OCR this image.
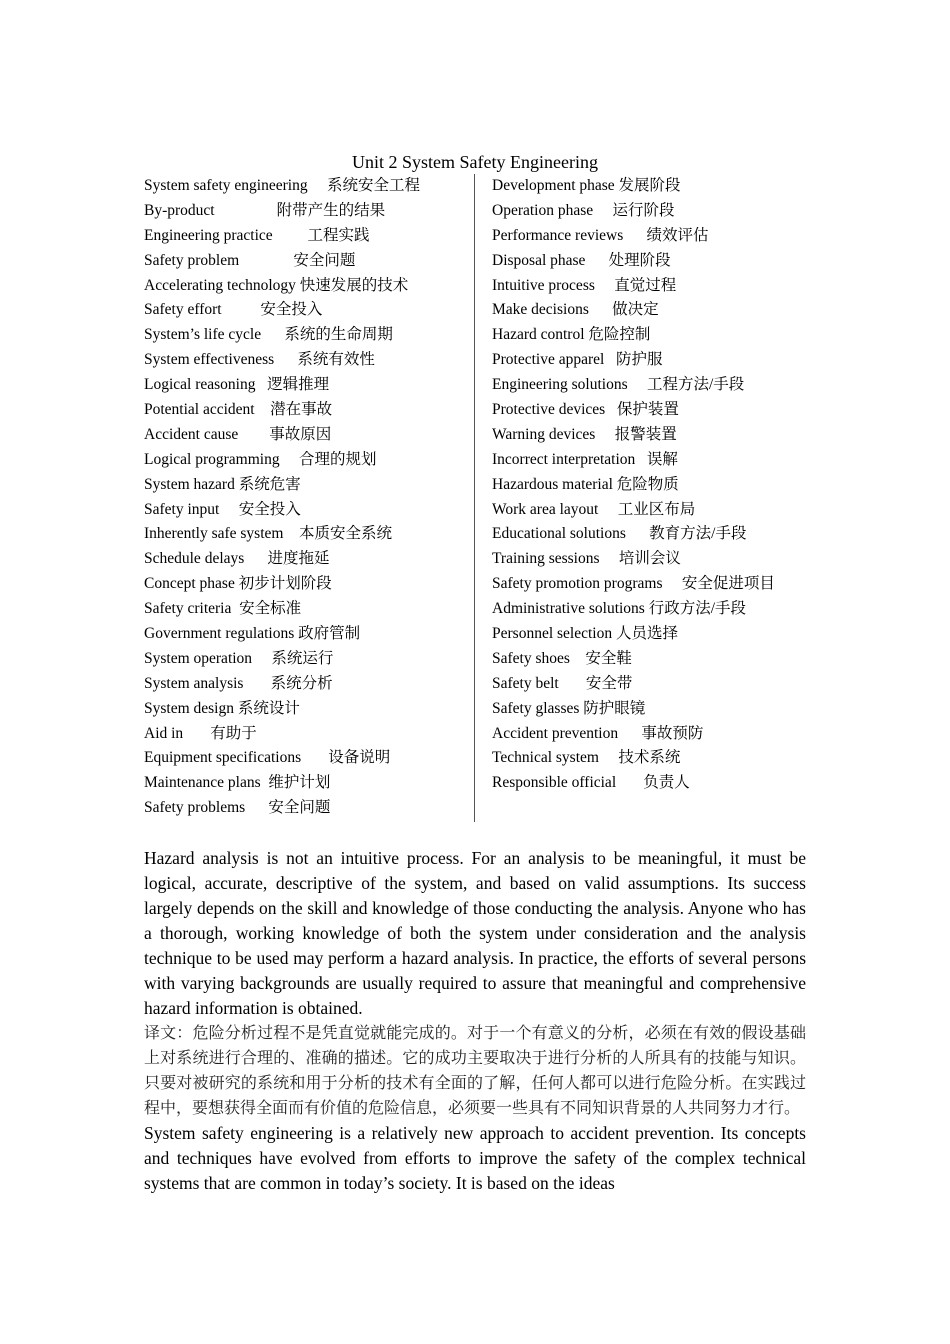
Unit 2 System Safety Engineering
System safety engineering     系统安全工程
By-product                附带产生的结果
Engineering practice         工程实践
Safety problem              安全问题
Accelerating technology 快速发展的技术
Safety effort          安全投入
System’s life cycle      系统的生命周期
System effectiveness      系统有效性
Logical reasoning   逻辑推理
Potential accident    潜在事故
Accident cause        事故原因
Logical programming     合理的规划
System hazard 系统危害
Safety input     安全投入
Inherently safe system    本质安全系统
Schedule delays      进度拖延
Concept phase 初步计划阶段
Safety criteria  安全标准
Government regulations 政府管制
System operation     系统运行
System analysis       系统分析
System design 系统设计
Aid in       有助于
Equipment specifications       设备说明
Maintenance plans  维护计划
Safety problems      安全问题
Development phase 发展阶段
Operation phase     运行阶段
Performance reviews      绩效评估
Disposal phase      处理阶段
Intuitive process     直觉过程
Make decisions      做决定
Hazard control 危险控制
Protective apparel   防护服
Engineering solutions     工程方法/手段
Protective devices   保护装置
Warning devices     报警装置
Incorrect interpretation   误解
Hazardous material 危险物质
Work area layout     工业区布局
Educational solutions      教育方法/手段
Training sessions     培训会议
Safety promotion programs     安全促进项目
Administrative solutions 行政方法/手段
Personnel selection 人员选择
Safety shoes    安全鞋
Safety belt       安全带
Safety glasses 防护眼镜
Accident prevention      事故预防
Technical system     技术系统
Responsible official       负责人

Hazard analysis is not an intuitive process. For an analysis to be meaningful, it must be logical, accurate, descriptive of the system, and based on valid assumptions. Its success largely depends on the skill and knowledge of those conducting the analysis. Anyone who has a thorough, working knowledge of both the system under consideration and the analysis technique to be used may perform a hazard analysis. In practice, the efforts of several persons with varying backgrounds are usually required to assure that meaningful and comprehensive hazard information is obtained.

译文：危险分析过程不是凭直觉就能完成的。对于一个有意义的分析，必须在有效的假设基础上对系统进行合理的、准确的描述。它的成功主要取决于进行分析的人所具有的技能与知识。只要对被研究的系统和用于分析的技术有全面的了解，任何人都可以进行危险分析。在实践过程中，要想获得全面而有价值的危险信息，必须要一些具有不同知识背景的人共同努力才行。

System safety engineering is a relatively new approach to accident prevention. Its concepts and techniques have evolved from efforts to improve the safety of the complex technical systems that are common in today’s society. It is based on the ideas
